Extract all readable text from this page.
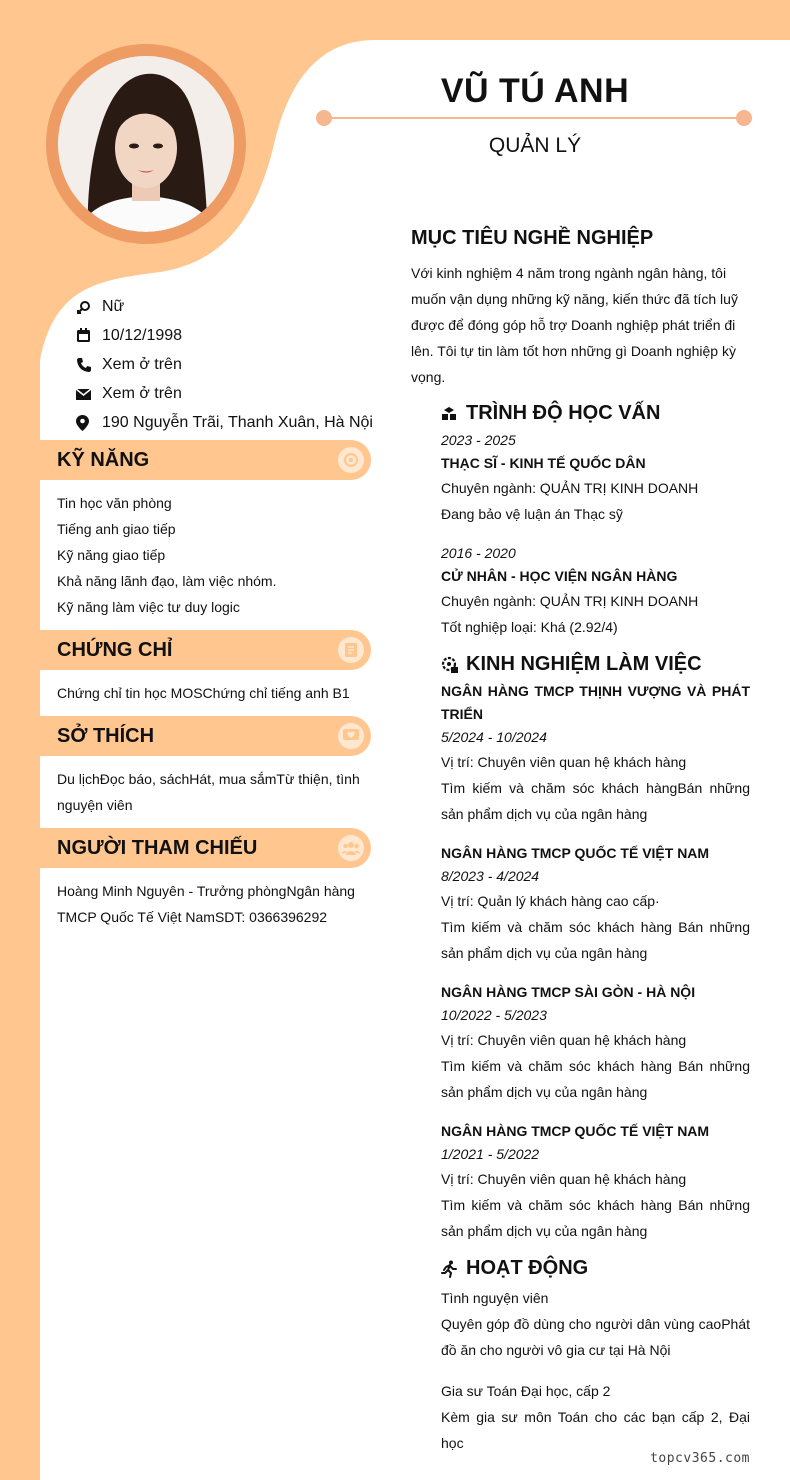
VŨ TÚ ANH
QUẢN LÝ
Nữ
10/12/1998
Xem ở trên
Xem ở trên
190 Nguyễn Trãi, Thanh Xuân, Hà Nội
KỸ NĂNG
Tin học văn phòng
Tiếng anh giao tiếp
Kỹ năng giao tiếp
Khả năng lãnh đạo, làm việc nhóm.
Kỹ năng làm việc tư duy logic
CHỨNG CHỈ
Chứng chỉ tin học MOSChứng chỉ tiếng anh B1
SỞ THÍCH
Du lịchĐọc báo, sáchHát, mua sắmTừ thiện, tình nguyện viên
NGƯỜI THAM CHIẾU
Hoàng Minh Nguyên - Trưởng phòngNgân hàng TMCP Quốc Tế Việt NamSDT: 0366396292
MỤC TIÊU NGHỀ NGHIỆP
Với kinh nghiệm 4 năm trong ngành ngân hàng, tôi muốn vận dụng những kỹ năng, kiến thức đã tích luỹ được để đóng góp hỗ trợ Doanh nghiệp phát triển đi lên. Tôi tự tin làm tốt hơn những gì Doanh nghiệp kỳ vọng.
TRÌNH ĐỘ HỌC VẤN
2023 - 2025
THẠC SĨ - KINH TẾ QUỐC DÂN
Chuyên ngành: QUẢN TRỊ KINH DOANH
Đang bảo vệ luận án Thạc sỹ
2016 - 2020
CỬ NHÂN - HỌC VIỆN NGÂN HÀNG
Chuyên ngành: QUẢN TRỊ KINH DOANH
Tốt nghiệp loại: Khá (2.92/4)
KINH NGHIỆM LÀM VIỆC
NGÂN HÀNG TMCP THỊNH VƯỢNG VÀ PHÁT TRIỂN
5/2024 - 10/2024
Vị trí: Chuyên viên quan hệ khách hàng
Tìm kiếm và chăm sóc khách hàngBán những sản phẩm dịch vụ của ngân hàng
NGÂN HÀNG TMCP QUỐC TẾ VIỆT NAM
8/2023 - 4/2024
Vị trí: Quản lý khách hàng cao cấp·
Tìm kiếm và chăm sóc khách hàng Bán những sản phẩm dịch vụ của ngân hàng
NGÂN HÀNG TMCP SÀI GÒN - HÀ NỘI
10/2022 - 5/2023
Vị trí: Chuyên viên quan hệ khách hàng
Tìm kiếm và chăm sóc khách hàng Bán những sản phẩm dịch vụ của ngân hàng
NGÂN HÀNG TMCP QUỐC TẾ VIỆT NAM
1/2021 - 5/2022
Vị trí: Chuyên viên quan hệ khách hàng
Tìm kiếm và chăm sóc khách hàng Bán những sản phẩm dịch vụ của ngân hàng
HOẠT ĐỘNG
Tình nguyện viên
Quyên góp đồ dùng cho người dân vùng caoPhát đồ ăn cho người vô gia cư tại Hà Nội
Gia sư Toán Đại học, cấp 2
Kèm gia sư môn Toán cho các bạn cấp 2, Đại học
topcv365.com
